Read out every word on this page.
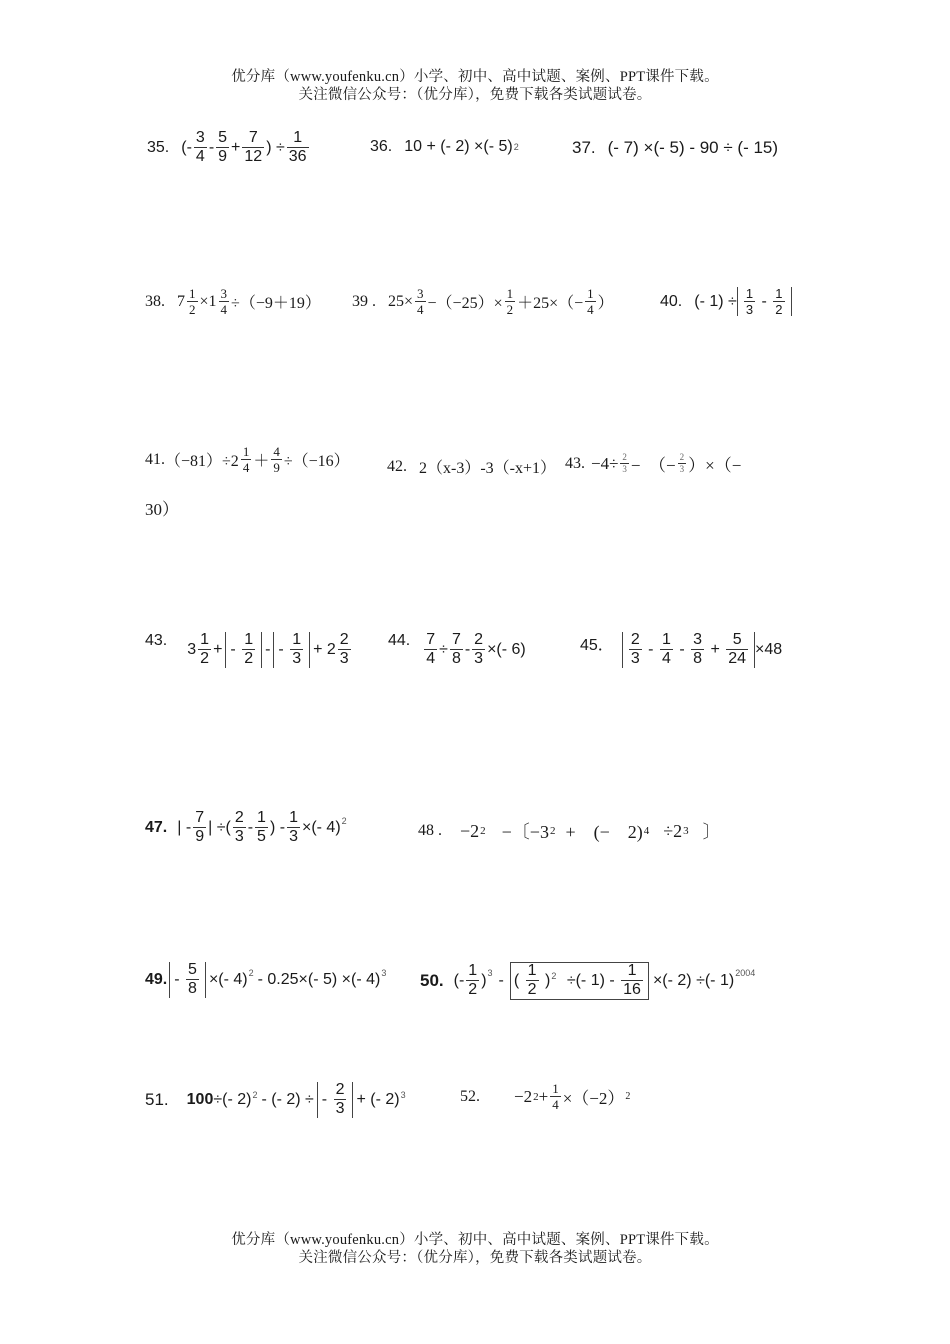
优分库（www.youfenku.cn）小学、初中、高中试题、案例、PPT课件下载。
关注微信公众号：（优分库），免费下载各类试题试卷。
35. (- $\frac{3}{4} - \frac{5}{9} + \frac{7}{12}$ ) ÷ $\frac{1}{36}$	36. 10 + (- 2) ×(- 5) 2	37. (- 7) ×(- 5) - 90 ÷ (- 15)
38. $7 \frac{1}{2} \times 1 \frac{3}{4} \div(-9+19)$ 39 . $25\times \frac{3}{4} -(-25)\times \frac{1}{2} +25\times(- \frac{1}{4}$ ）	40. (- $1) \div \frac{1}{3} - \frac{1}{2}$
41. $(-81)\div 2 \frac{1}{4} + \frac{4}{9} \div(-16)$ 42. 2（x-3）-3（-x+1） 43. $-4\div \frac{2}{3}$ −　（− $\frac{2}{3}$ ）×（−
30）
43.
$3 \frac{1}{2}$ + - $\frac{1}{2}$ - - $\frac{1}{3} + 2 \frac{2}{3} 44$. $\frac{7}{4} \div \frac{7}{8} - \frac{2}{3}$ ×(- 6)	45． $\frac{2}{3} - \frac{1}{4} - \frac{3}{8} + \frac{5}{24} \times 48$
47. | - $\frac{7}{9}$ | ÷( $\frac{2}{3} - \frac{1}{5}$ ) - $\frac{1}{3}$ ×(- 4) 2
48 . −2 2 −〔−3 2 +　(−　2) 4 ÷2 3 〕
49. - $\frac{5}{8}$ ×(- 4) 2 - 0.25×(- 5) ×(- 4) 3 50. (- $\frac{1}{2}$ ) 3 - ( $\frac{1}{2} )^2$ ÷(- $1) - \frac{1}{16}$ ×(- 2) ÷(- 1) 2004
51. 100 ÷(- 2) 2 - (- 2) ÷ - $\frac{2}{3}$ + (- 2) 3	52. −2 $2 + \frac{1}{4} \times(-2)$ 2
优分库（www.youfenku.cn）小学、初中、高中试题、案例、PPT课件下载。
关注微信公众号：（优分库），免费下载各类试题试卷。
